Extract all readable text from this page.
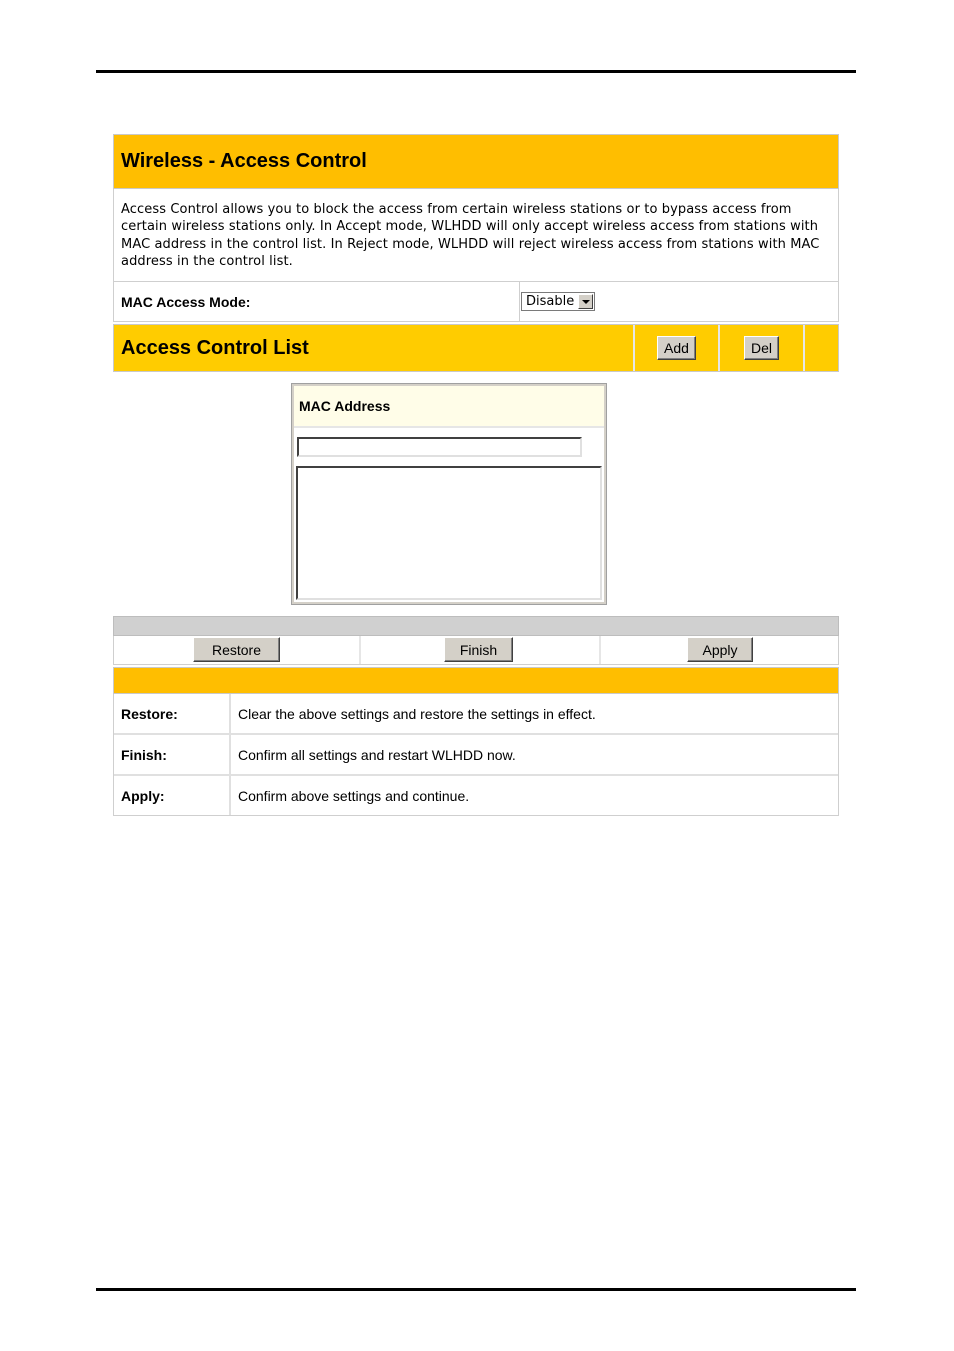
Wireless - Access Control
Access Control allows you to block the access from certain wireless stations or to bypass access from certain wireless stations only. In Accept mode, WLHDD will only accept wireless access from stations with MAC address in the control list. In Reject mode, WLHDD will reject wireless access from stations with MAC address in the control list.
MAC Access Mode:	Disable
Access Control List	Add	Del
MAC Address
Restore	Finish	Apply
Restore:	Clear the above settings and restore the settings in effect.
Finish:	Confirm all settings and restart WLHDD now.
Apply:	Confirm above settings and continue.
